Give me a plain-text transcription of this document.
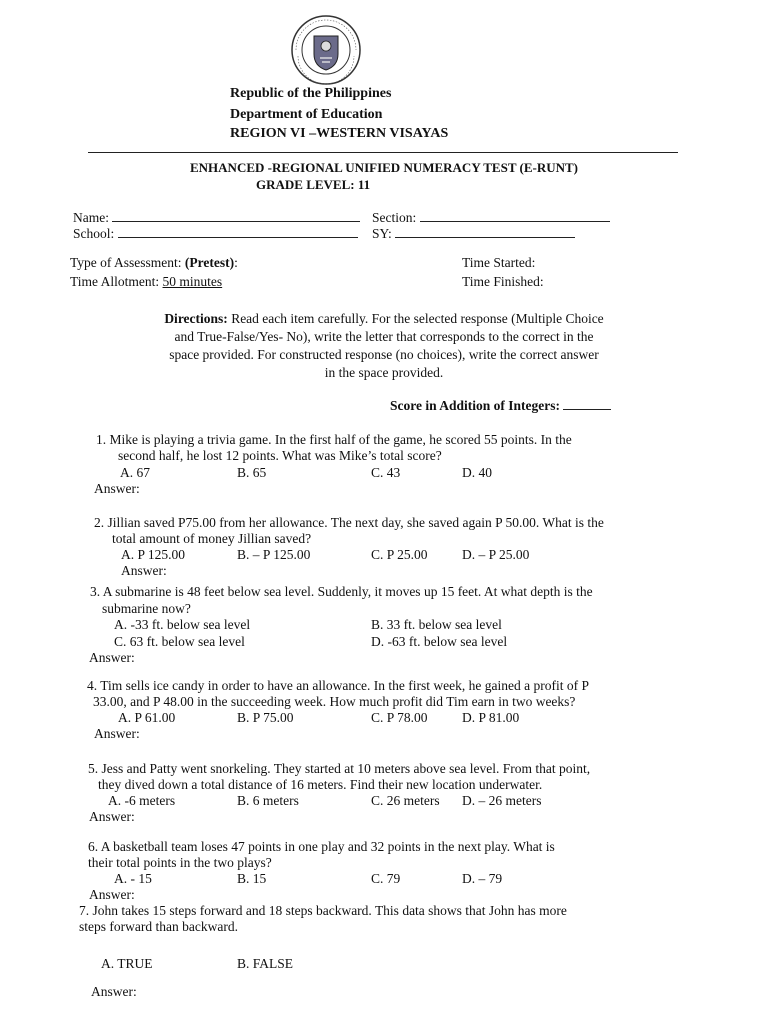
Republic of the Philippines
Department of Education
REGION VI –WESTERN VISAYAS
ENHANCED -REGIONAL UNIFIED NUMERACY TEST (E-RUNT)
GRADE LEVEL: 11
Name:	Section:
School:	SY:
Type of Assessment: (Pretest):
Time Allotment: 50 minutes
Time Started:
Time Finished:
Directions: Read each item carefully. For the selected response (Multiple Choice
and True-False/Yes- No), write the letter that corresponds to the correct in the
space provided. For constructed response (no choices), write the correct answer
in the space provided.
Score in Addition of Integers:
1. Mike is playing a trivia game. In the first half of the game, he scored 55 points. In the
second half, he lost 12 points. What was Mike’s total score?
A. 67	B. 65	C. 43	D. 40
Answer:
2. Jillian saved P75.00 from her allowance. The next day, she saved again P 50.00. What is the
total amount of money Jillian saved?
A. P 125.00	B. – P 125.00	C. P 25.00	D. – P 25.00
Answer:
3. A submarine is 48 feet below sea level. Suddenly, it moves up 15 feet. At what depth is the
submarine now?
A. -33 ft. below sea level	B. 33 ft. below sea level
C. 63 ft. below sea level	D. -63 ft. below sea level
Answer:
4. Tim sells ice candy in order to have an allowance. In the first week, he gained a profit of P
33.00, and P 48.00 in the succeeding week. How much profit did Tim earn in two weeks?
A. P 61.00	B. P 75.00	C. P 78.00	D. P 81.00
Answer:
5. Jess and Patty went snorkeling. They started at 10 meters above sea level. From that point,
they dived down a total distance of 16 meters. Find their new location underwater.
A. -6 meters	B. 6 meters	C. 26 meters D. – 26 meters
Answer:
6. A basketball team loses 47 points in one play and 32 points in the next play. What is
their total points in the two plays?
A. - 15	B. 15	C. 79	D. – 79
Answer:
7. John takes 15 steps forward and 18 steps backward. This data shows that John has more
steps forward than backward.
A. TRUE	B. FALSE
Answer:
